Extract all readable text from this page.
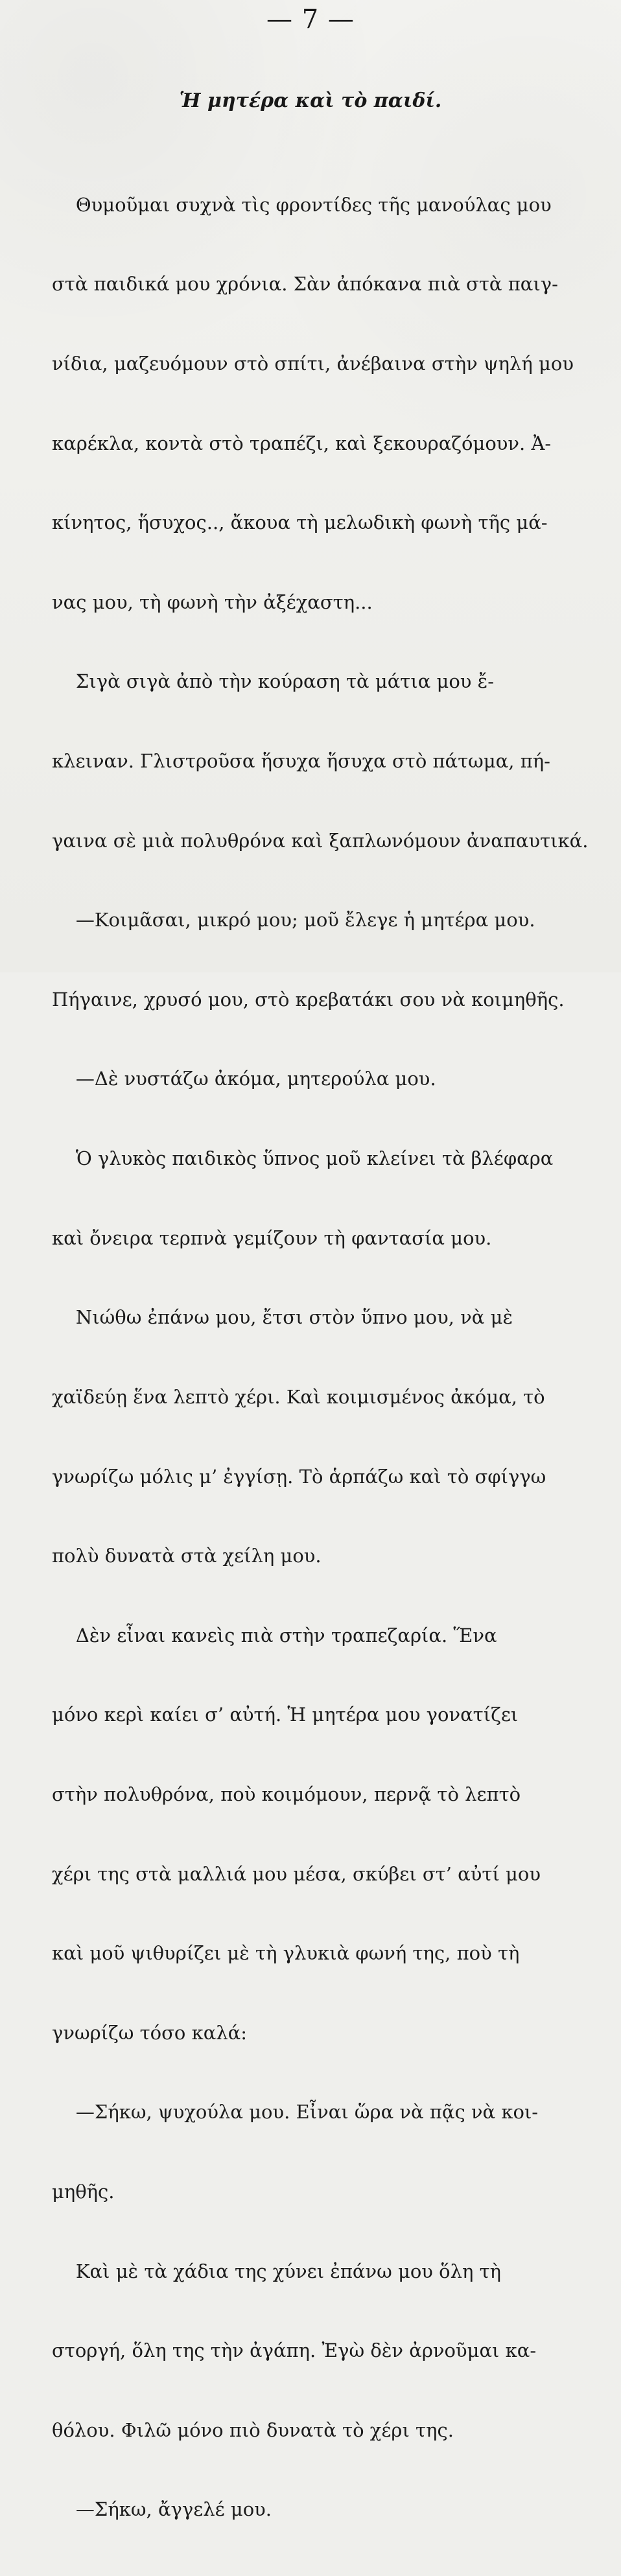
— 7 —
Ἡ μητέρα καὶ τὸ παιδί.

Θυμοῦμαι συχνὰ τὶς φροντίδες τῆς μανούλας μου

στὰ παιδικά μου χρόνια. Σὰν ἀπόκανα πιὰ στὰ παιγ-

νίδια, μαζευόμουν στὸ σπίτι, ἀνέβαινα στὴν ψηλή μου

καρέκλα, κοντὰ στὸ τραπέζι, καὶ ξεκουραζόμουν. Ἀ-

κίνητος, ἥσυχος.., ἄκουα τὴ μελωδικὴ φωνὴ τῆς μά-

νας μου, τὴ φωνὴ τὴν ἀξέχαστη...

Σιγὰ σιγὰ ἀπὸ τὴν κούραση τὰ μάτια μου ἔ-

κλειναν. Γλιστροῦσα ἥσυχα ἥσυχα στὸ πάτωμα, πή-

γαινα σὲ μιὰ πολυθρόνα καὶ ξαπλωνόμουν ἀναπαυτικά.

—Κοιμᾶσαι, μικρό μου; μοῦ ἔλεγε ἡ μητέρα μου.

Πήγαινε, χρυσό μου, στὸ κρεβατάκι σου νὰ κοιμηθῆς.

—Δὲ νυστάζω ἀκόμα, μητερούλα μου.

Ὁ γλυκὸς παιδικὸς ὕπνος μοῦ κλείνει τὰ βλέφαρα

καὶ ὄνειρα τερπνὰ γεμίζουν τὴ φαντασία μου.

Νιώθω ἐπάνω μου, ἔτσι στὸν ὕπνο μου, νὰ μὲ

χαϊδεύῃ ἕνα λεπτὸ χέρι. Καὶ κοιμισμένος ἀκόμα, τὸ

γνωρίζω μόλις μ’ ἐγγίσῃ. Τὸ ἁρπάζω καὶ τὸ σφίγγω

πολὺ δυνατὰ στὰ χείλη μου.

Δὲν εἶναι κανεὶς πιὰ στὴν τραπεζαρία. Ἕνα

μόνο κερὶ καίει σ’ αὐτή. Ἡ μητέρα μου γονατίζει

στὴν πολυθρόνα, ποὺ κοιμόμουν, περνᾷ τὸ λεπτὸ

χέρι της στὰ μαλλιά μου μέσα, σκύβει στ’ αὐτί μου

καὶ μοῦ ψιθυρίζει μὲ τὴ γλυκιὰ φωνή της, ποὺ τὴ

γνωρίζω τόσο καλά:

—Σήκω, ψυχούλα μου. Εἶναι ὥρα νὰ πᾷς νὰ κοι-

μηθῆς.

Καὶ μὲ τὰ χάδια της χύνει ἐπάνω μου ὅλη τὴ

στοργή, ὅλη της τὴν ἀγάπη. Ἐγὼ δὲν ἀρνοῦμαι κα-

θόλου. Φιλῶ μόνο πιὸ δυνατὰ τὸ χέρι της.

—Σήκω, ἄγγελέ μου.
